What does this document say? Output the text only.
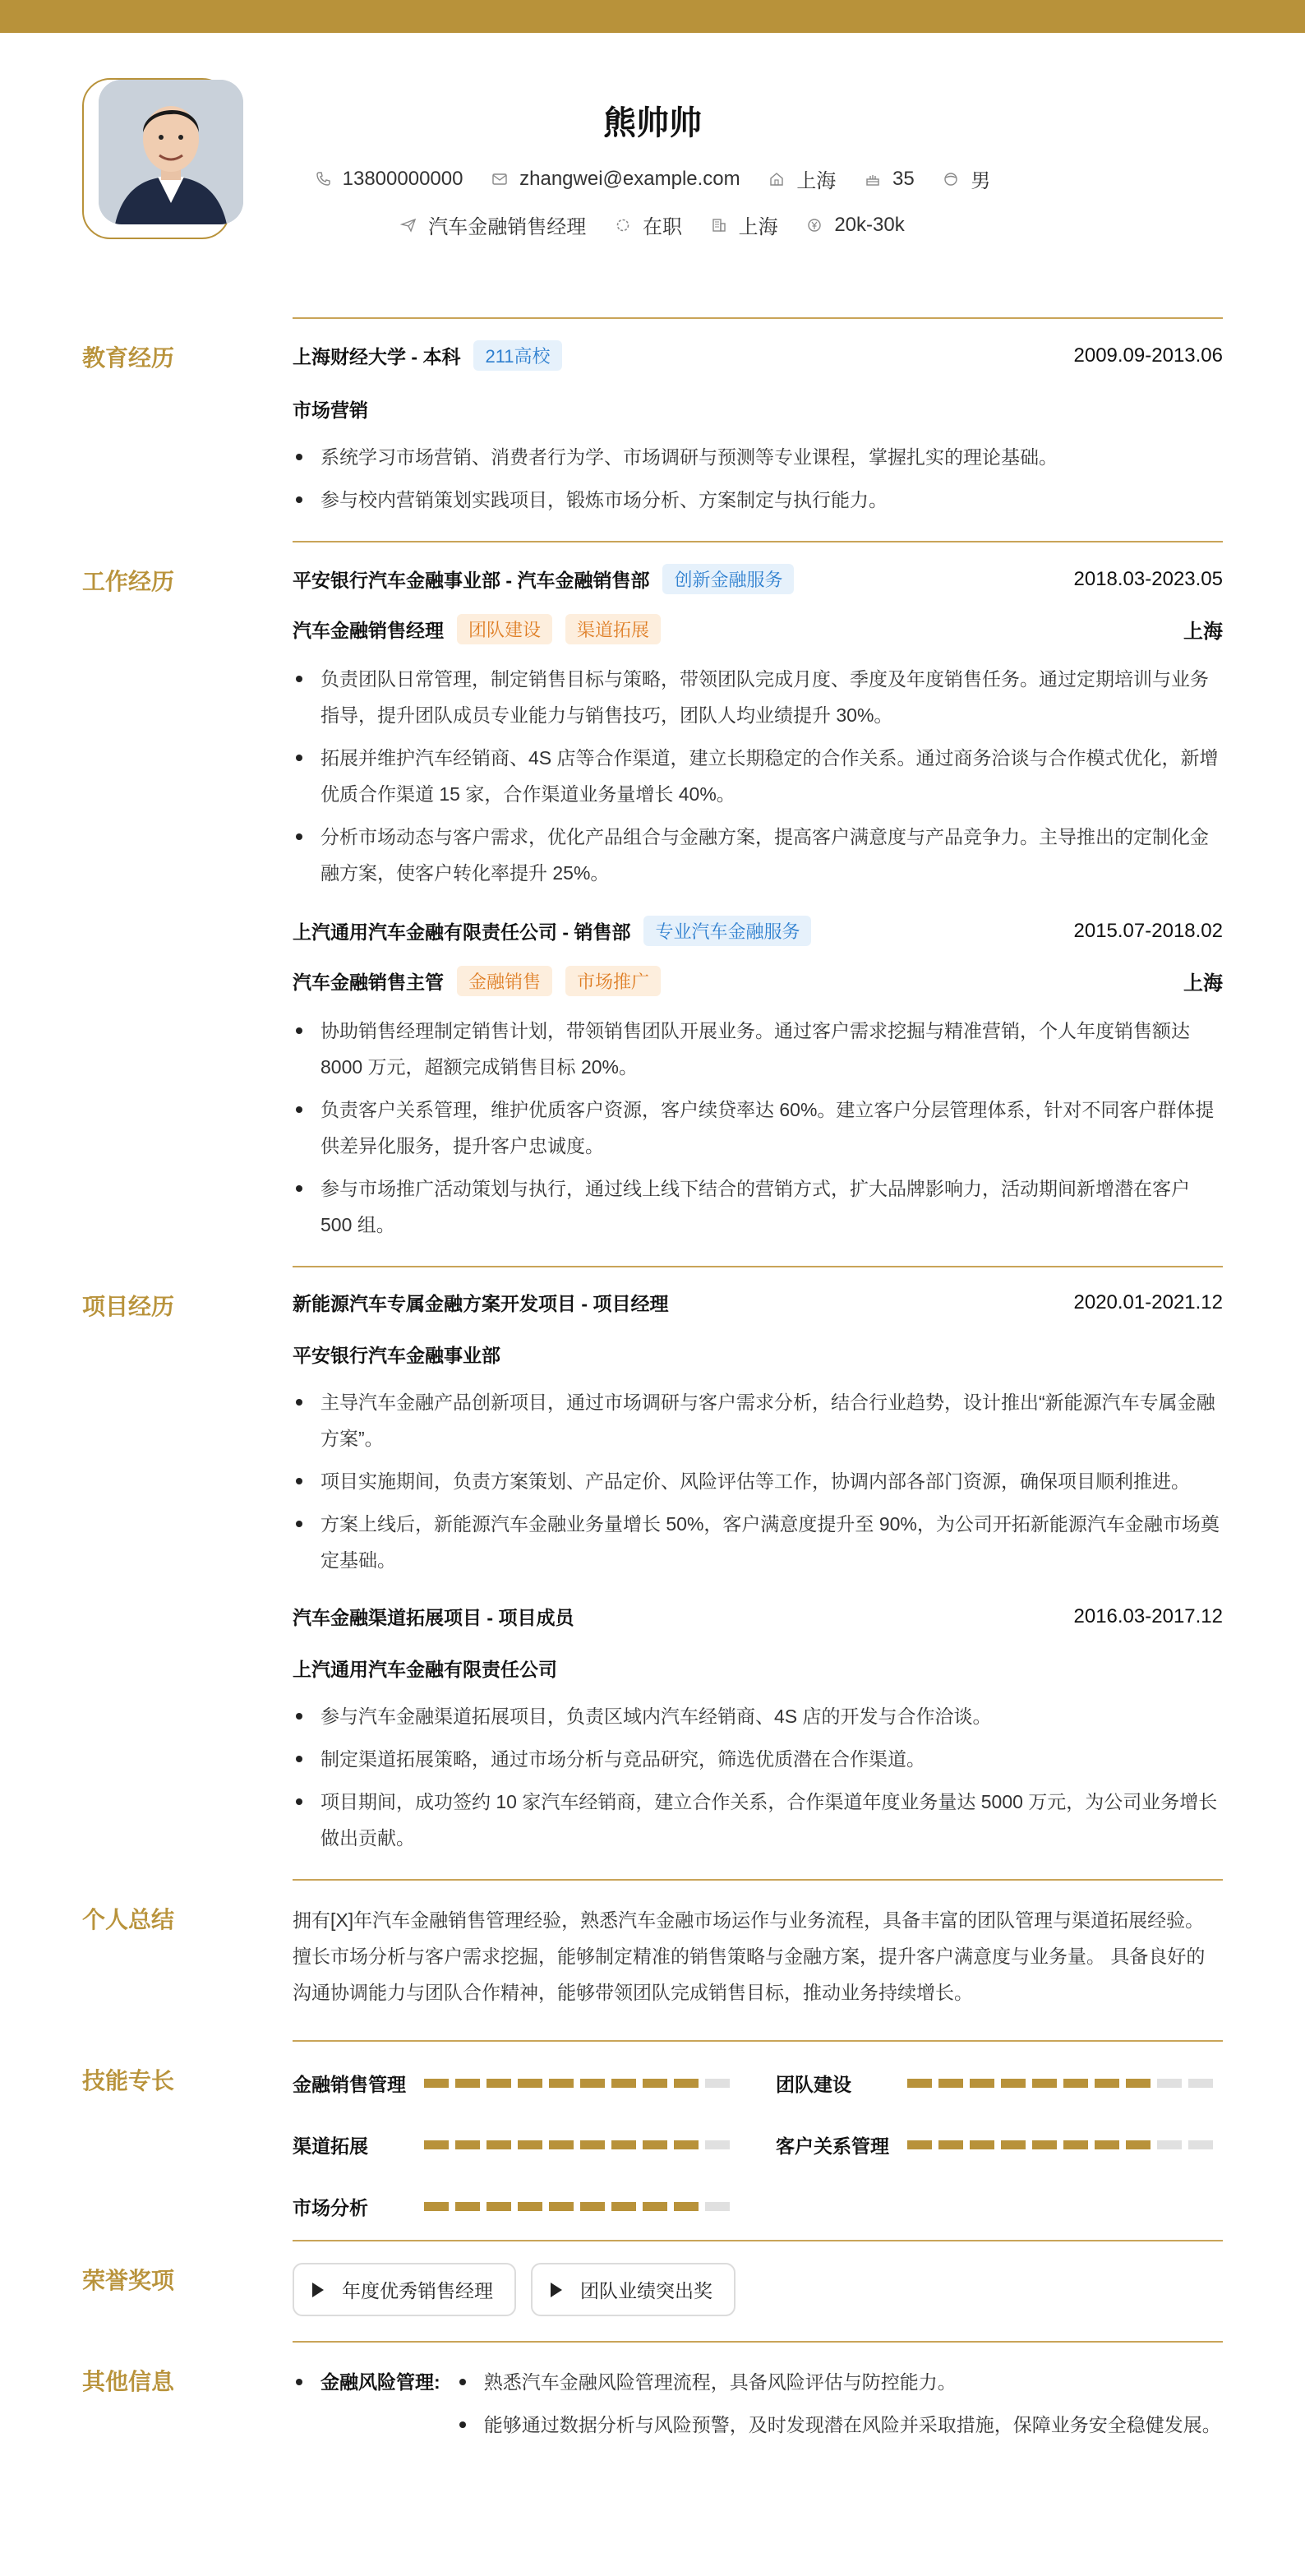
熊帅帅
13800000000
	zhangwei@example.com
	上海
	35
	男
汽车金融销售经理
	在职
	上海
	20k-30k
教育经历	上海财经大学 - 本科	211高校	2009.09-2013.06
市场营销
系统学习市场营销、消费者行为学、市场调研与预测等专业课程，掌握扎实的理论基础。
参与校内营销策划实践项目，锻炼市场分析、方案制定与执行能力。
工作经历	平安银行汽车金融事业部 - 汽车金融销售部	创新金融服务	2018.03-2023.05
汽车金融销售经理	团队建设	渠道拓展	上海
负责团队日常管理，制定销售目标与策略，带领团队完成月度、季度及年度销售任务。通过定期培训与业务指导，提升团队成员专业能力与销售技巧，团队人均业绩提升 30%。
拓展并维护汽车经销商、4S 店等合作渠道，建立长期稳定的合作关系。通过商务洽谈与合作模式优化，新增优质合作渠道 15 家，合作渠道业务量增长 40%。
分析市场动态与客户需求，优化产品组合与金融方案，提高客户满意度与产品竞争力。主导推出的定制化金融方案，使客户转化率提升 25%。
上汽通用汽车金融有限责任公司 - 销售部	专业汽车金融服务	2015.07-2018.02
汽车金融销售主管	金融销售	市场推广	上海
协助销售经理制定销售计划，带领销售团队开展业务。通过客户需求挖掘与精准营销，个人年度销售额达 8000 万元，超额完成销售目标 20%。
负责客户关系管理，维护优质客户资源，客户续贷率达 60%。建立客户分层管理体系，针对不同客户群体提供差异化服务，提升客户忠诚度。
参与市场推广活动策划与执行，通过线上线下结合的营销方式，扩大品牌影响力，活动期间新增潜在客户 500 组。
项目经历	新能源汽车专属金融方案开发项目 - 项目经理	2020.01-2021.12
平安银行汽车金融事业部
主导汽车金融产品创新项目，通过市场调研与客户需求分析，结合行业趋势，设计推出“新能源汽车专属金融方案”。
项目实施期间，负责方案策划、产品定价、风险评估等工作，协调内部各部门资源，确保项目顺利推进。
方案上线后，新能源汽车金融业务量增长 50%，客户满意度提升至 90%，为公司开拓新能源汽车金融市场奠定基础。
汽车金融渠道拓展项目 - 项目成员	2016.03-2017.12
上汽通用汽车金融有限责任公司
参与汽车金融渠道拓展项目，负责区域内汽车经销商、4S 店的开发与合作洽谈。
制定渠道拓展策略，通过市场分析与竞品研究，筛选优质潜在合作渠道。
项目期间，成功签约 10 家汽车经销商，建立合作关系，合作渠道年度业务量达 5000 万元，为公司业务增长做出贡献。
个人总结	拥有[X]年汽车金融销售管理经验，熟悉汽车金融市场运作与业务流程，具备丰富的团队管理与渠道拓展经验。 擅长市场分析与客户需求挖掘，能够制定精准的销售策略与金融方案，提升客户满意度与业务量。 具备良好的沟通协调能力与团队合作精神，能够带领团队完成销售目标，推动业务持续增长。
技能专长	金融销售管理	团队建设
渠道拓展	客户关系管理
市场分析
荣誉奖项	年度优秀销售经理	团队业绩突出奖
其他信息	金融风险管理:	熟悉汽车金融风险管理流程，具备风险评估与防控能力。
能够通过数据分析与风险预警，及时发现潜在风险并采取措施，保障业务安全稳健发展。
